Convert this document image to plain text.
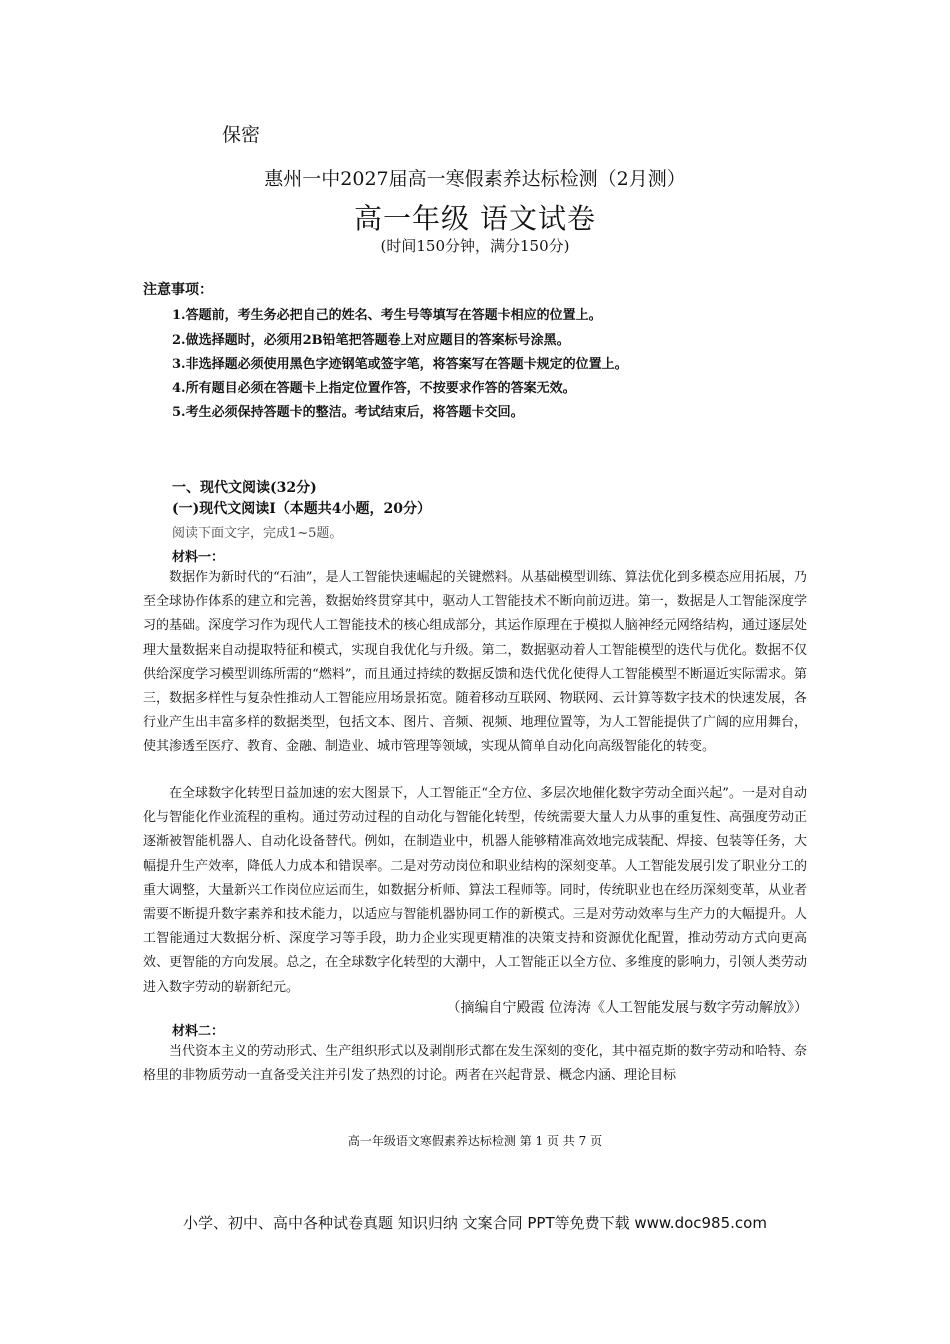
保密
惠州一中2027届高一寒假素养达标检测（2月测）
高一年级 语文试卷
(时间150分钟，满分150分)
注意事项：
1.答题前，考生务必把自己的姓名、考生号等填写在答题卡相应的位置上。
2.做选择题时，必须用2B铅笔把答题卷上对应题目的答案标号涂黑。
3.非选择题必须使用黑色字迹钢笔或签字笔，将答案写在答题卡规定的位置上。
4.所有题目必须在答题卡上指定位置作答，不按要求作答的答案无效。
5.考生必须保持答题卡的整洁。考试结束后，将答题卡交回。
一、现代文阅读(32分)
(一)现代文阅读Ⅰ（本题共4小题，20分）
阅读下面文字，完成1~5题。
材料一：

数据作为新时代的“石油”，是人工智能快速崛起的关键燃料。从基础模型训练、算法优化到多模态应用拓展，乃至全球协作体系的建立和完善，数据始终贯穿其中，驱动人工智能技术不断向前迈进。第一，数据是人工智能深度学习的基础。深度学习作为现代人工智能技术的核心组成部分，其运作原理在于模拟人脑神经元网络结构，通过逐层处理大量数据来自动提取特征和模式，实现自我优化与升级。第二，数据驱动着人工智能模型的迭代与优化。数据不仅供给深度学习模型训练所需的“燃料”，而且通过持续的数据反馈和迭代优化使得人工智能模型不断逼近实际需求。第三，数据多样性与复杂性推动人工智能应用场景拓宽。随着移动互联网、物联网、云计算等数字技术的快速发展，各行业产生出丰富多样的数据类型，包括文本、图片、音频、视频、地理位置等，为人工智能提供了广阔的应用舞台，使其渗透至医疗、教育、金融、制造业、城市管理等领域，实现从简单自动化向高级智能化的转变。

在全球数字化转型日益加速的宏大图景下，人工智能正“全方位、多层次地催化数字劳动全面兴起”。一是对自动化与智能化作业流程的重构。通过劳动过程的自动化与智能化转型，传统需要大量人力从事的重复性、高强度劳动正逐渐被智能机器人、自动化设备替代。例如，在制造业中，机器人能够精准高效地完成装配、焊接、包装等任务，大幅提升生产效率，降低人力成本和错误率。二是对劳动岗位和职业结构的深刻变革。人工智能发展引发了职业分工的重大调整，大量新兴工作岗位应运而生，如数据分析师、算法工程师等。同时，传统职业也在经历深刻变革，从业者需要不断提升数字素养和技术能力，以适应与智能机器协同工作的新模式。三是对劳动效率与生产力的大幅提升。人工智能通过大数据分析、深度学习等手段，助力企业实现更精准的决策支持和资源优化配置，推动劳动方式向更高效、更智能的方向发展。总之，在全球数字化转型的大潮中，人工智能正以全方位、多维度的影响力，引领人类劳动进入数字劳动的崭新纪元。

（摘编自宁殿霞 位涛涛《人工智能发展与数字劳动解放》）
材料二：

当代资本主义的劳动形式、生产组织形式以及剥削形式都在发生深刻的变化，其中福克斯的数字劳动和哈特、奈格里的非物质劳动一直备受关注并引发了热烈的讨论。两者在兴起背景、概念内涵、理论目标

高一年级语文寒假素养达标检测 第 1 页 共 7 页
小学、初中、高中各种试卷真题 知识归纳 文案合同 PPT等免费下载 www.doc985.com
